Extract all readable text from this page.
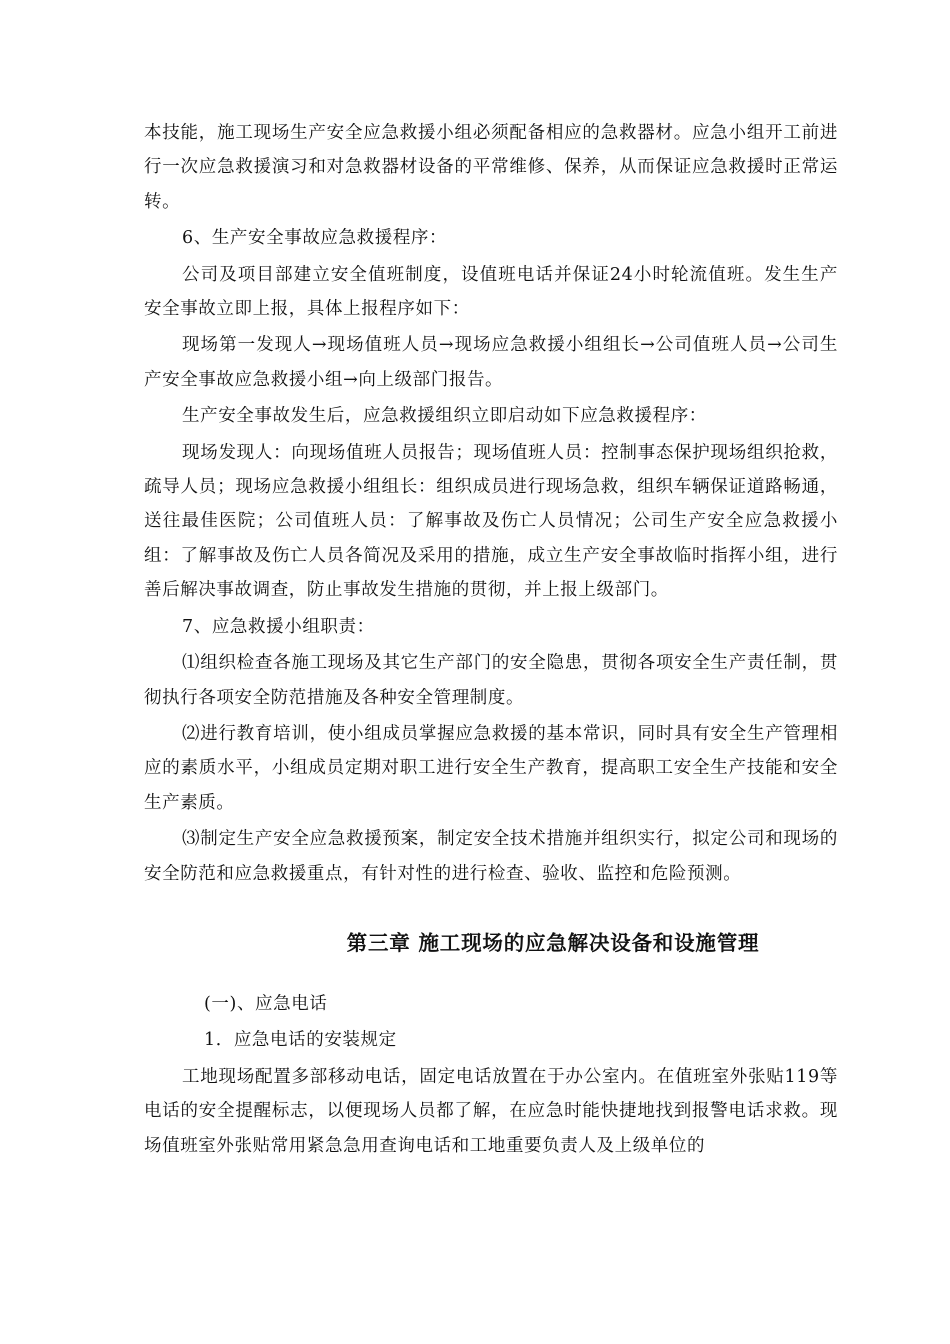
本技能，施工现场生产安全应急救援小组必须配备相应的急救器材。应急小组开工前进行一次应急救援演习和对急救器材设备的平常维修、保养，从而保证应急救援时正常运转。

6、生产安全事故应急救援程序：

公司及项目部建立安全值班制度，设值班电话并保证24小时轮流值班。发生生产安全事故立即上报，具体上报程序如下：

现场第一发现人→现场值班人员→现场应急救援小组组长→公司值班人员→公司生产安全事故应急救援小组→向上级部门报告。

生产安全事故发生后，应急救援组织立即启动如下应急救援程序：

现场发现人：向现场值班人员报告；现场值班人员：控制事态保护现场组织抢救，疏导人员；现场应急救援小组组长：组织成员进行现场急救，组织车辆保证道路畅通，送往最佳医院；公司值班人员：了解事故及伤亡人员情况；公司生产安全应急救援小组：了解事故及伤亡人员各简况及采用的措施，成立生产安全事故临时指挥小组，进行善后解决事故调查，防止事故发生措施的贯彻，并上报上级部门。

7、应急救援小组职责：

⑴组织检查各施工现场及其它生产部门的安全隐患，贯彻各项安全生产责任制，贯彻执行各项安全防范措施及各种安全管理制度。

⑵进行教育培训，使小组成员掌握应急救援的基本常识，同时具有安全生产管理相应的素质水平，小组成员定期对职工进行安全生产教育，提高职工安全生产技能和安全生产素质。

⑶制定生产安全应急救援预案，制定安全技术措施并组织实行，拟定公司和现场的安全防范和应急救援重点，有针对性的进行检查、验收、监控和危险预测。

第三章 施工现场的应急解决设备和设施管理

(一)、应急电话

1．应急电话的安装规定

工地现场配置多部移动电话，固定电话放置在于办公室内。在值班室外张贴119等电话的安全提醒标志，以便现场人员都了解，在应急时能快捷地找到报警电话求救。现场值班室外张贴常用紧急急用查询电话和工地重要负责人及上级单位的
